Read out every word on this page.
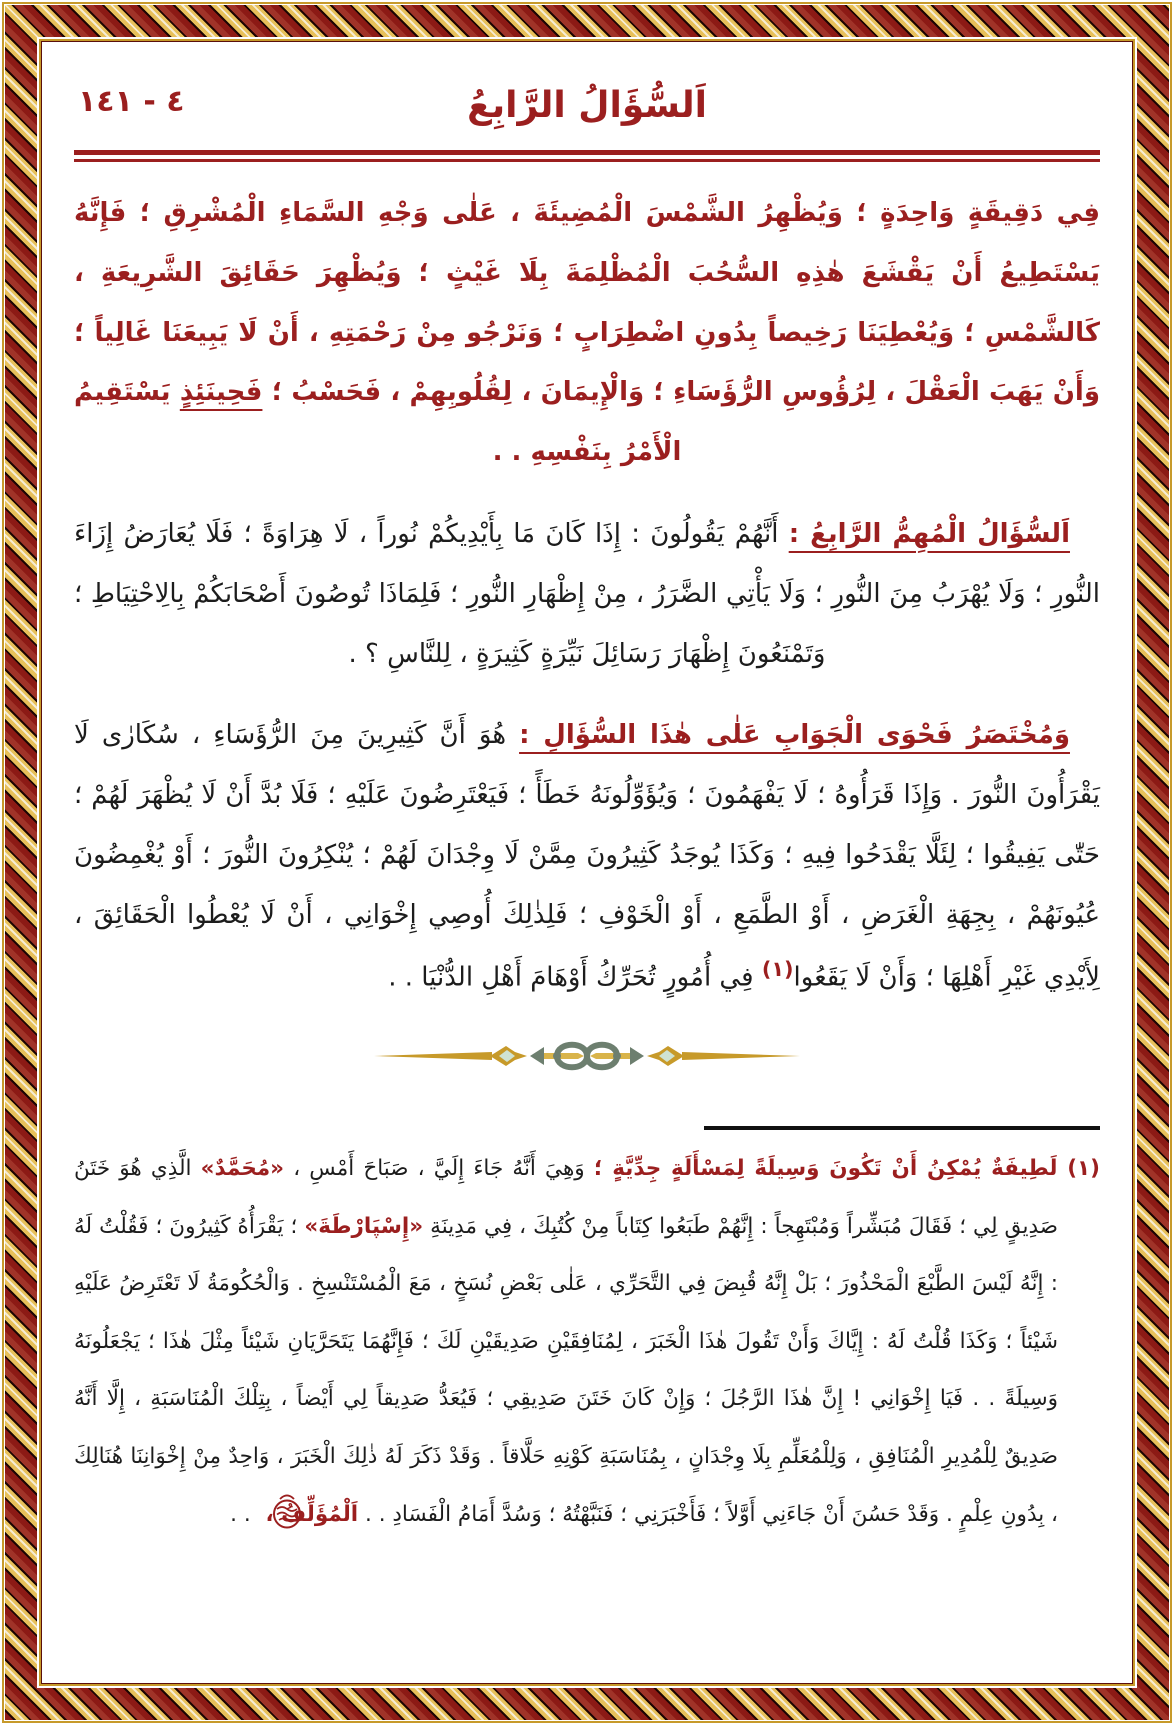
١٤١ - ٤	اَلسُّؤَالُ الرَّابِعُ

فِي دَقِيقَةٍ وَاحِدَةٍ ؛ وَيُظْهِرُ الشَّمْسَ الْمُضِيئَةَ ، عَلٰى وَجْهِ السَّمَاءِ الْمُشْرِقِ ؛ فَإِنَّهُ يَسْتَطِيعُ أَنْ يَقْشَعَ هٰذِهِ السُّحُبَ الْمُظْلِمَةَ بِلَا غَيْثٍ ؛ وَيُظْهِرَ حَقَائِقَ الشَّرِيعَةِ ، كَالشَّمْسِ ؛ وَيُعْطِيَنَا رَخِيصاً بِدُونِ اضْطِرَابٍ ؛ وَنَرْجُو مِنْ رَحْمَتِهِ ، أَنْ لَا يَبِيعَنَا غَالِياً ؛ وَأَنْ يَهَبَ الْعَقْلَ ، لِرُؤُوسِ الرُّؤَسَاءِ ؛ وَالْإِيمَانَ ، لِقُلُوبِهِمْ ، فَحَسْبُ ؛ فَحِينَئِذٍ يَسْتَقِيمُ الْأَمْرُ بِنَفْسِهِ . .

اَلسُّؤَالُ الْمُهِمُّ الرَّابِعُ : أَنَّهُمْ يَقُولُونَ : إِذَا كَانَ مَا بِأَيْدِيكُمْ نُوراً ، لَا هِرَاوَةً ؛ فَلَا يُعَارَضُ إِزَاءَ النُّورِ ؛ وَلَا يُهْرَبُ مِنَ النُّورِ ؛ وَلَا يَأْتِي الضَّرَرُ ، مِنْ إِظْهَارِ النُّورِ ؛ فَلِمَاذَا تُوصُونَ أَصْحَابَكُمْ بِالِاحْتِيَاطِ ؛ وَتَمْنَعُونَ إِظْهَارَ رَسَائِلَ نَيِّرَةٍ كَثِيرَةٍ ، لِلنَّاسِ ؟ .

وَمُخْتَصَرُ فَحْوَى الْجَوَابِ عَلٰى هٰذَا السُّؤَالِ : هُوَ أَنَّ كَثِيرِينَ مِنَ الرُّؤَسَاءِ ، سُكَارٰى لَا يَقْرَأُونَ النُّورَ . وَإِذَا قَرَأُوهُ ؛ لَا يَفْهَمُونَ ؛ وَيُؤَوِّلُونَهُ خَطَأً ؛ فَيَعْتَرِضُونَ عَلَيْهِ ؛ فَلَا بُدَّ أَنْ لَا يُظْهَرَ لَهُمْ ؛ حَتّٰى يَفِيقُوا ؛ لِئَلَّا يَقْدَحُوا فِيهِ ؛ وَكَذَا يُوجَدُ كَثِيرُونَ مِمَّنْ لَا وِجْدَانَ لَهُمْ ؛ يُنْكِرُونَ النُّورَ ؛ أَوْ يُغْمِضُونَ عُيُونَهُمْ ، بِجِهَةِ الْغَرَضِ ، أَوْ الطَّمَعِ ، أَوْ الْخَوْفِ ؛ فَلِذٰلِكَ أُوصِي إِخْوَانِي ، أَنْ لَا يُعْطُوا الْحَقَائِقَ ، لِأَيْدِي غَيْرِ أَهْلِهَا ؛ وَأَنْ لَا يَقَعُوا$^{(١)}$ فِي أُمُورٍ تُحَرِّكُ أَوْهَامَ أَهْلِ الدُّنْيَا . .

(١) لَطِيفَةٌ يُمْكِنُ أَنْ تَكُونَ وَسِيلَةً لِمَسْأَلَةٍ جِدِّيَّةٍ ؛ وَهِيَ أَنَّهُ جَاءَ إِلَيَّ ، صَبَاحَ أَمْسِ ، «مُحَمَّدٌ» الَّذِي هُوَ خَتَنُ صَدِيقٍ لِي ؛ فَقَالَ مُبَشِّراً وَمُبْتَهِجاً : إِنَّهُمْ طَبَعُوا كِتَاباً مِنْ كُتُبِكَ ، فِي مَدِينَةِ «إِسْپَارْطَةَ» ؛ يَقْرَأُهُ كَثِيرُونَ ؛ فَقُلْتُ لَهُ : إِنَّهُ لَيْسَ الطَّبْعَ الْمَحْذُورَ ؛ بَلْ إِنَّهُ قُبِضَ فِي التَّحَرِّي ، عَلٰى بَعْضِ نُسَخٍ ، مَعَ الْمُسْتَنْسِخِ . وَالْحُكُومَةُ لَا تَعْتَرِضُ عَلَيْهِ شَيْئاً ؛ وَكَذَا قُلْتُ لَهُ : إِيَّاكَ وَأَنْ تَقُولَ هٰذَا الْخَبَرَ ، لِمُنَافِقَيْنِ صَدِيقَيْنِ لَكَ ؛ فَإِنَّهُمَا يَتَحَرَّيَانِ شَيْئاً مِثْلَ هٰذَا ؛ يَجْعَلُونَهُ وَسِيلَةً . . فَيَا إِخْوَانِي ! إِنَّ هٰذَا الرَّجُلَ ؛ وَإِنْ كَانَ خَتَنَ صَدِيقِي ؛ فَيُعَدُّ صَدِيقاً لِي أَيْضاً ، بِتِلْكَ الْمُنَاسَبَةِ ، إِلَّا أَنَّهُ صَدِيقٌ لِلْمُدِيرِ الْمُنَافِقِ ، وَلِلْمُعَلِّمِ بِلَا وِجْدَانٍ ، بِمُنَاسَبَةِ كَوْنِهِ حَلَّاقاً . وَقَدْ ذَكَرَ لَهُ ذٰلِكَ الْخَبَرَ ، وَاحِدٌ مِنْ إِخْوَانِنَا هُنَالِكَ ، بِدُونِ عِلْمٍ . وَقَدْ حَسُنَ أَنْ جَاءَنِي أَوَّلاً ؛ فَأَخْبَرَنِي ؛ فَنَبَّهْتُهُ ؛ وَسُدَّ أَمَامُ الْفَسَادِ . . اَلْمُؤَلِّفُ ، . .
